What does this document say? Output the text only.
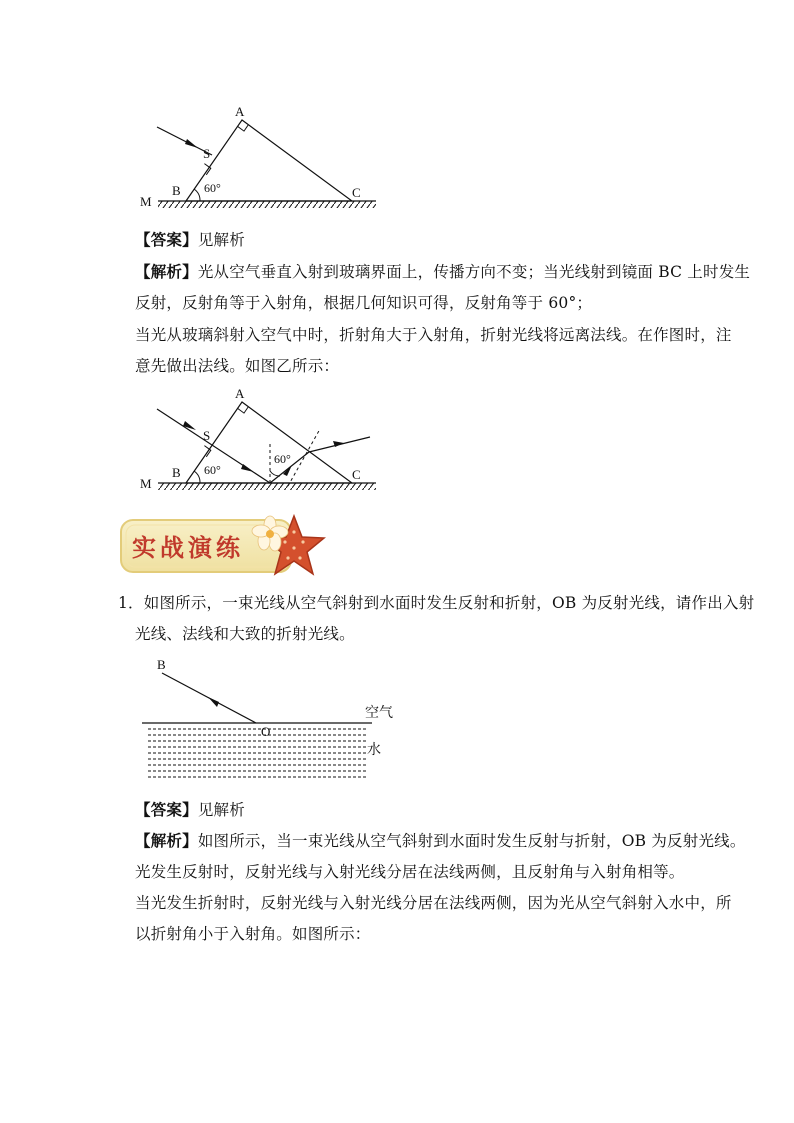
A
S
B	C
M
60°
【答案】见解析
【解析】光从空气垂直入射到玻璃界面上，传播方向不变；当光线射到镜面 BC 上时发生
反射，反射角等于入射角，根据几何知识可得，反射角等于 60°；
当光从玻璃斜射入空气中时，折射角大于入射角，折射光线将远离法线。在作图时，注
意先做出法线。如图乙所示：
A
S
B	C
M
60°
60°
实战演练
1．如图所示，一束光线从空气斜射到水面时发生反射和折射，OB 为反射光线，请作出入射
光线、法线和大致的折射光线。
B
O
空气
水
【答案】见解析
【解析】如图所示，当一束光线从空气斜射到水面时发生反射与折射，OB 为反射光线。
光发生反射时，反射光线与入射光线分居在法线两侧，且反射角与入射角相等。
当光发生折射时，反射光线与入射光线分居在法线两侧，因为光从空气斜射入水中，所
以折射角小于入射角。如图所示：
